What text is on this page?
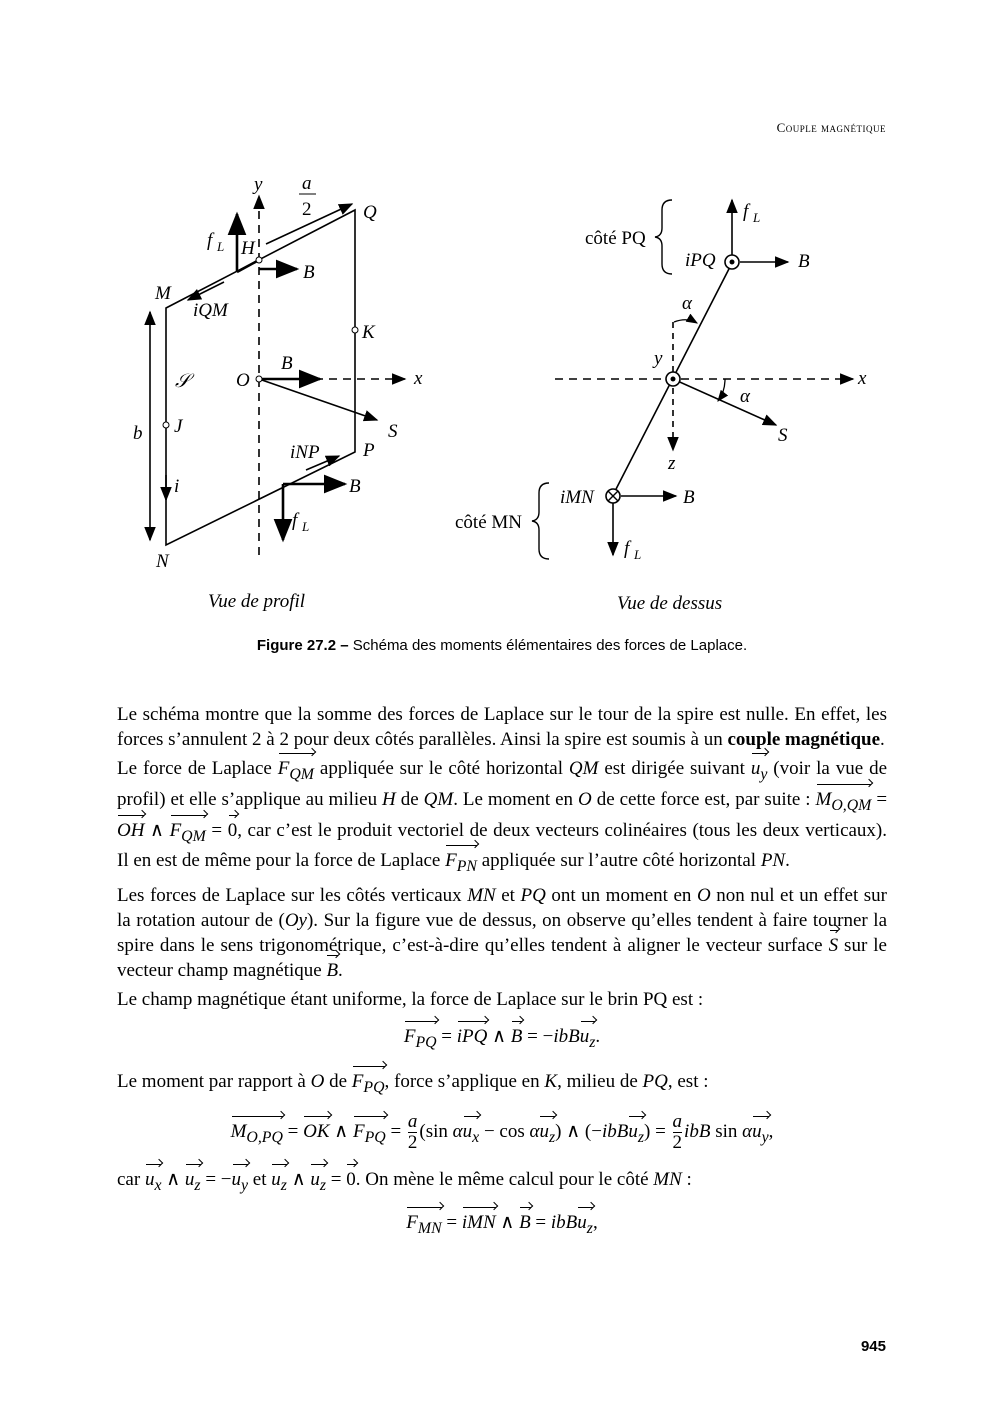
Couple magnétique
y a
2	Q
f L H
B
M
iQM
K
B
𝒮 O	x
b J	S
iNP P
i	B
f L
N
Vue de profil
côté PQ
f L
iPQ	B
α
y
x
α
S
z
iMN	B
côté MN
f L
Vue de dessus
Figure 27.2 – Schéma des moments élémentaires des forces de Laplace.

Le schéma montre que la somme des forces de Laplace sur le tour de la spire est nulle. En effet, les forces s’annulent 2 à 2 pour deux côtés parallèles. Ainsi la spire est soumis à un couple magnétique.

Le force de Laplace $F_{QM}$ appliquée sur le côté horizontal QM est dirigée suivant $u_y$ (voir la vue de profil) et elle s’applique au milieu H de QM. Le moment en O de cette force est, par suite : $M_{O,QM}$ = OH ∧ $F_{QM} = 0$, car c’est le produit vectoriel de deux vecteurs colinéaires (tous les deux verticaux). Il en est de même pour la force de Laplace $F_{PN}$ appliquée sur l’autre côté horizontal PN.

Les forces de Laplace sur les côtés verticaux MN et PQ ont un moment en O non nul et un effet sur la rotation autour de (Oy). Sur la figure vue de dessus, on observe qu’elles tendent à faire tourner la spire dans le sens trigonométrique, c’est-à-dire qu’elles tendent à aligner le vecteur surface S sur le vecteur champ magnétique B.

Le champ magnétique étant uniforme, la force de Laplace sur le brin PQ est :

$F_{PQ}$ = iPQ ∧ B = −ibBu$_z$.

Le moment par rapport à O de $F_{PQ}$, force s’applique en K, milieu de PQ, est :

$M_{O,PQ}$ = OK ∧ $F_{PQ} = \frac{a}{2} (\sin$ $\alpha u_x - \cos \alpha u_z$) ∧ (−ibBu$_z$) = $\frac{a}{2}$ ibB $\sin \alpha u_y$,

car $u_x$ ∧ $u_z = -u_y$ et $u_z$ ∧ $u_z = 0$. On mène le même calcul pour le côté MN :

$F_{MN}$ = iMN ∧ B = ibBu$_z$,

945
